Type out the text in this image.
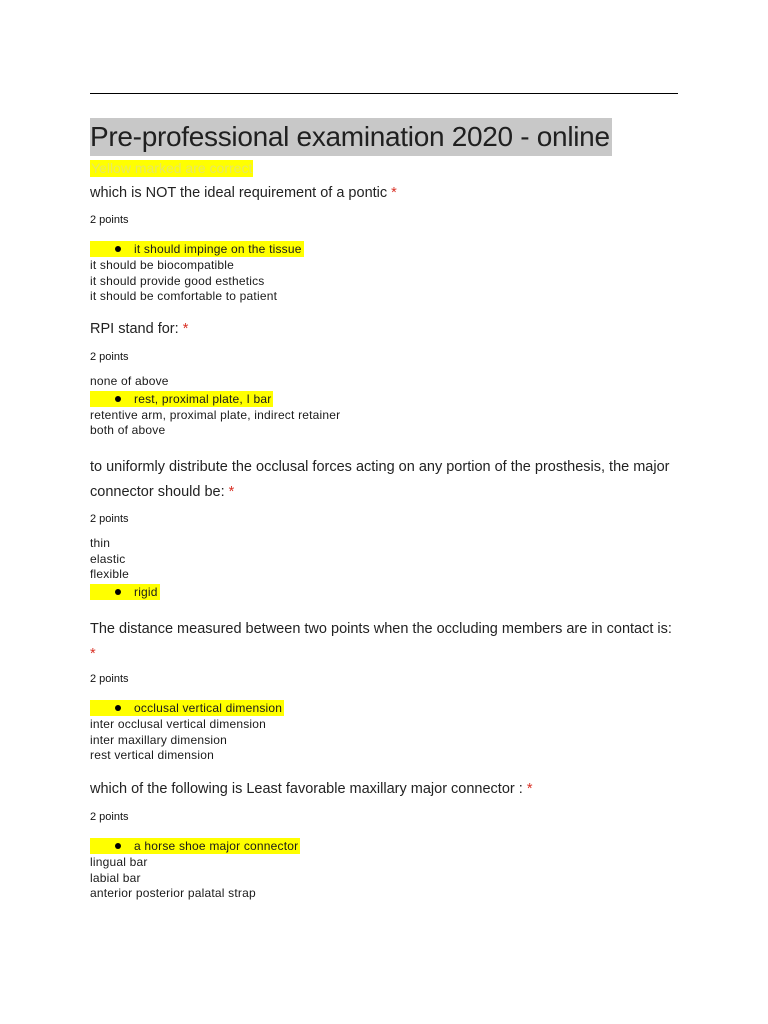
Pre-professional examination 2020 - online
Yellow marked are correct

which is NOT the ideal requirement of a pontic *

2 points

it should impinge on the tissue
it should be biocompatible
it should provide good esthetics
it should be comfortable to patient

RPI stand for: *

2 points

none of above
rest, proximal plate, I bar
retentive arm, proximal plate, indirect retainer
both of above

to uniformly distribute the occlusal forces acting on any portion of the prosthesis, the major connector should be: *

2 points

thin
elastic
flexible
rigid

The distance measured between two points when the occluding members are in contact is: *

2 points

occlusal vertical dimension
inter occlusal vertical dimension
inter maxillary dimension
rest vertical dimension

which of the following is Least favorable maxillary major connector : *

2 points

a horse shoe major connector
lingual bar
labial bar
anterior posterior palatal strap
